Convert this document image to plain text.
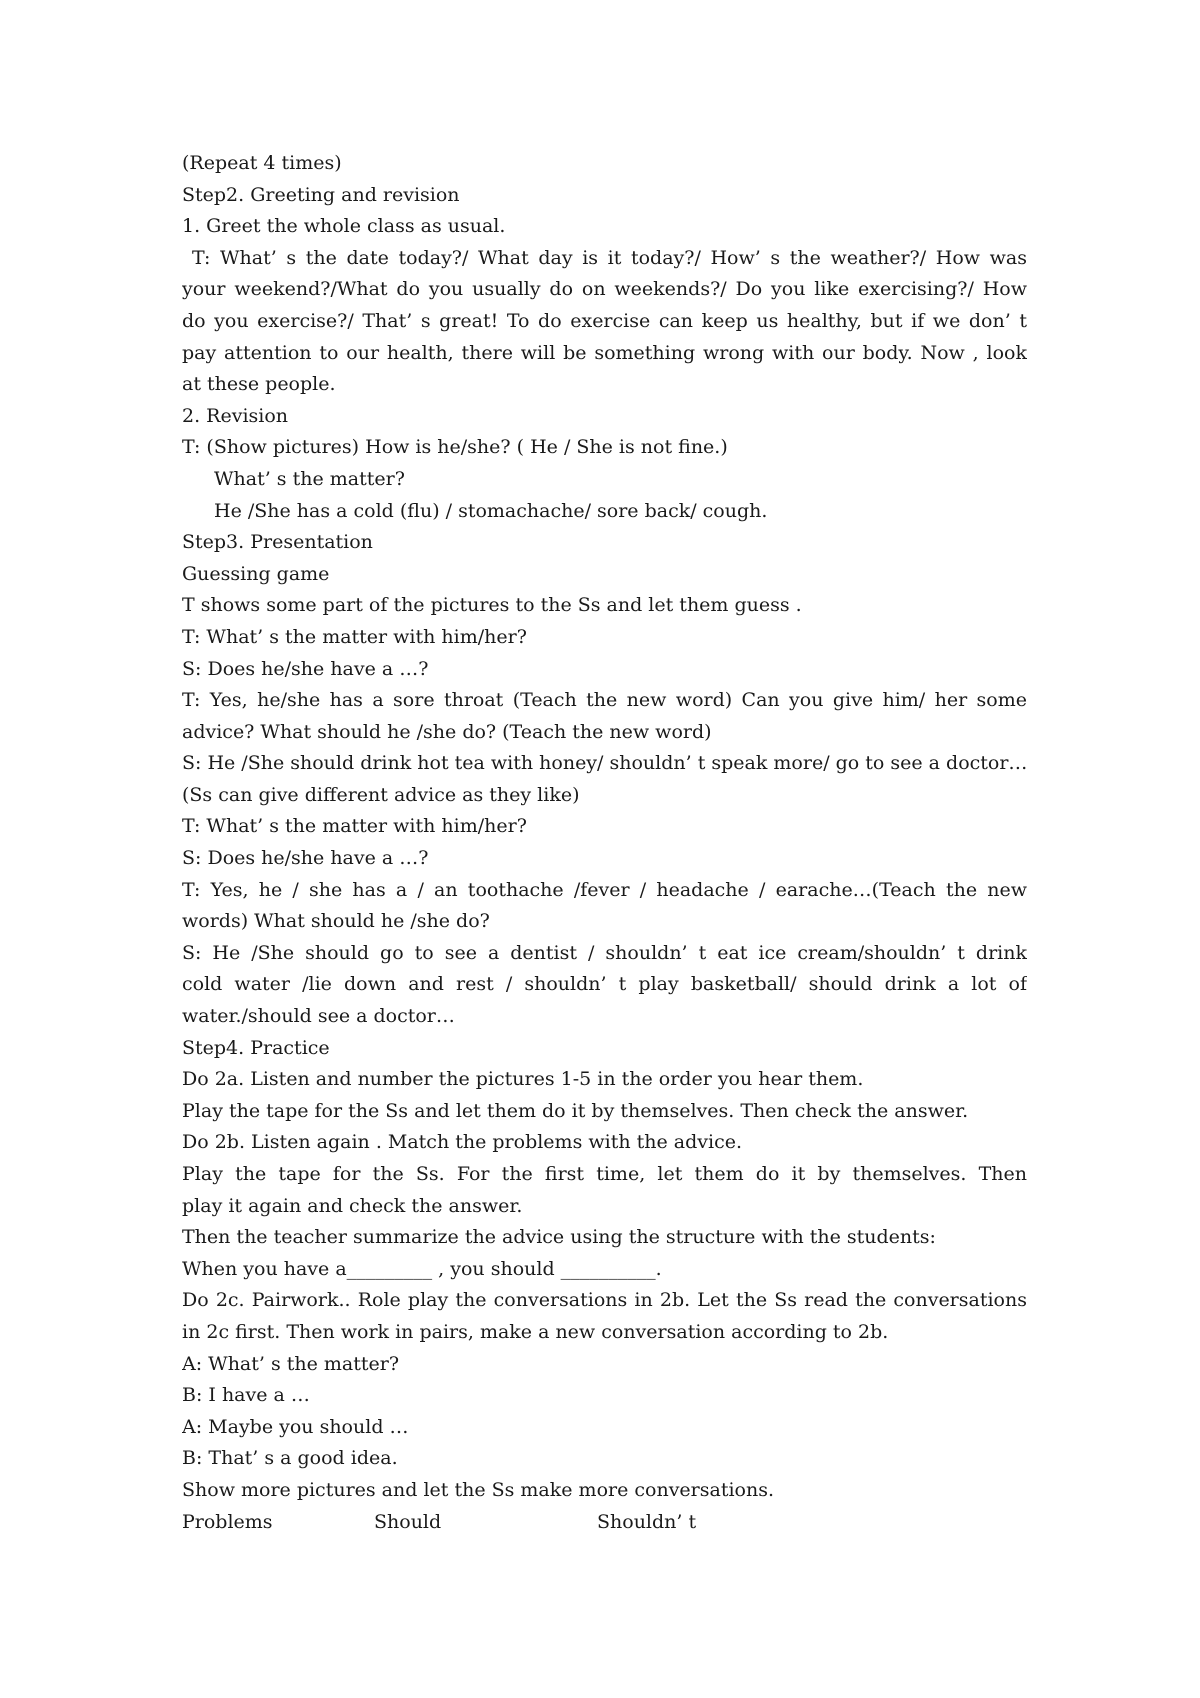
(Repeat 4 times)
Step2. Greeting and revision
1. Greet the whole class as usual.
T: What’ s the date today?/ What day is it today?/ How’ s the weather?/ How was
your weekend?/What do you usually do on weekends?/ Do you like exercising?/ How
do you exercise?/ That’ s great! To do exercise can keep us healthy, but if we don’ t
pay attention to our health, there will be something wrong with our body. Now , look
at these people.
2. Revision
T: (Show pictures) How is he/she? ( He / She is not fine.)
What’ s the matter?
He /She has a cold (flu) / stomachache/ sore back/ cough.
Step3. Presentation
Guessing game
T shows some part of the pictures to the Ss and let them guess .
T: What’ s the matter with him/her?
S: Does he/she have a …?
T: Yes, he/she has a sore throat (Teach the new word) Can you give him/ her some
advice? What should he /she do? (Teach the new word)
S: He /She should drink hot tea with honey/ shouldn’ t speak more/ go to see a doctor…
(Ss can give different advice as they like)
T: What’ s the matter with him/her?
S: Does he/she have a …?
T: Yes, he / she has a / an toothache /fever / headache / earache…(Teach the new
words) What should he /she do?
S: He /She should go to see a dentist / shouldn’ t eat ice cream/shouldn’ t drink
cold water /lie down and rest / shouldn’ t play basketball/ should drink a lot of
water./should see a doctor…
Step4. Practice
Do 2a. Listen and number the pictures 1-5 in the order you hear them.
Play the tape for the Ss and let them do it by themselves. Then check the answer.
Do 2b. Listen again . Match the problems with the advice.
Play the tape for the Ss. For the first time, let them do it by themselves. Then
play it again and check the answer.
Then the teacher summarize the advice using the structure with the students:
When you have a_________ , you should __________.
Do 2c. Pairwork.. Role play the conversations in 2b. Let the Ss read the conversations
in 2c first. Then work in pairs, make a new conversation according to 2b.
A: What’ s the matter?
B: I have a …
A: Maybe you should …
B: That’ s a good idea.
Show more pictures and let the Ss make more conversations.

Problems

	Should

	Shouldn’ t
